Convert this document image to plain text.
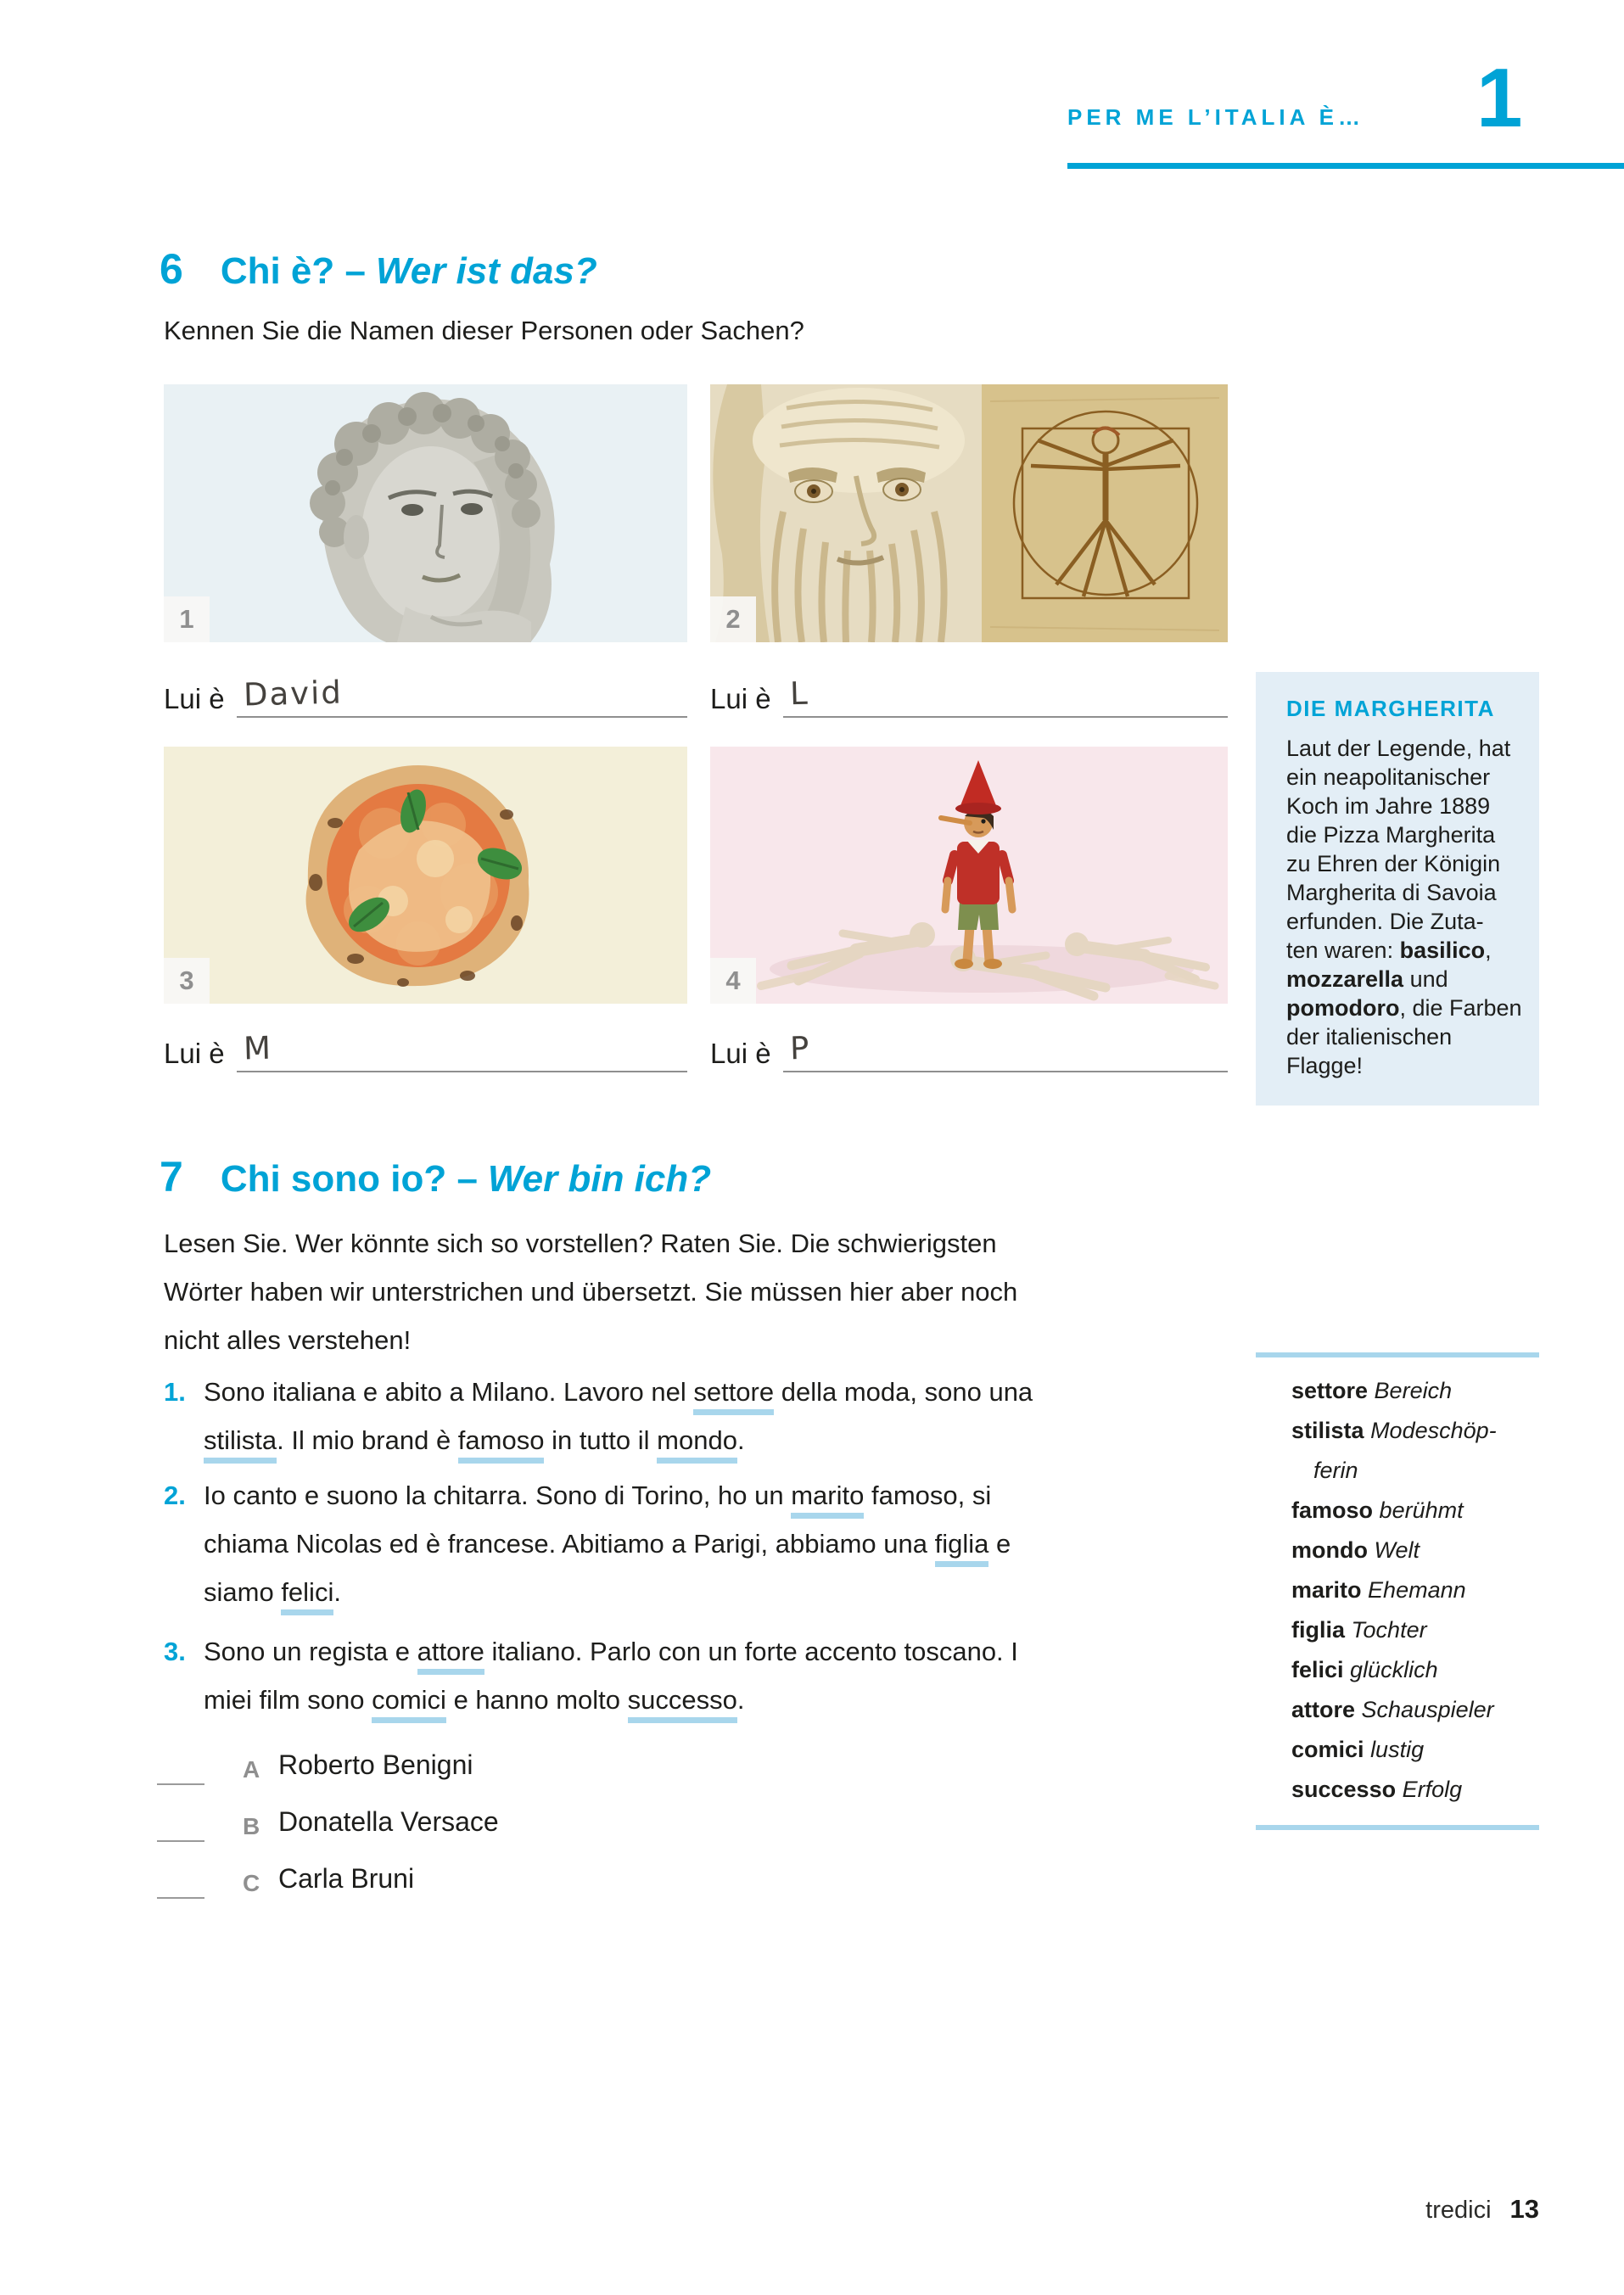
PER ME L’ITALIA È… 1
6 Chi è? – Wer ist das?
Kennen Sie die Namen dieser Personen oder Sachen?
1	2
3	4
Lui è David	Lui è L
Lui è M	Lui è P
DIE MARGHERITA
Laut der Legende, hat
ein neapolitanischer
Koch im Jahre 1889
die Pizza Margherita
zu Ehren der Königin
Margherita di Savoia
erfunden. Die Zuta-
ten waren: basilico,
mozzarella und
pomodoro, die Farben
der italienischen
Flagge!
7 Chi sono io? – Wer bin ich?
Lesen Sie. Wer könnte sich so vorstellen? Raten Sie. Die schwierigsten
Wörter haben wir unterstrichen und übersetzt. Sie müssen hier aber noch
nicht alles verstehen!
1. Sono italiana e abito a Milano. Lavoro nel settore della moda, sono una
stilista. Il mio brand è famoso in tutto il mondo.
2. Io canto e suono la chitarra. Sono di Torino, ho un marito famoso, si
chiama Nicolas ed è francese. Abitiamo a Parigi, abbiamo una figlia e
siamo felici.
3. Sono un regista e attore italiano. Parlo con un forte accento toscano. I
miei film sono comici e hanno molto successo.
A Roberto Benigni
B Donatella Versace
C Carla Bruni
settore Bereich
stilista Modeschöpferin
famoso berühmt
mondo Welt
marito Ehemann
figlia Tochter
felici glücklich
attore Schauspieler
comici lustig
successo Erfolg
tredici 13
